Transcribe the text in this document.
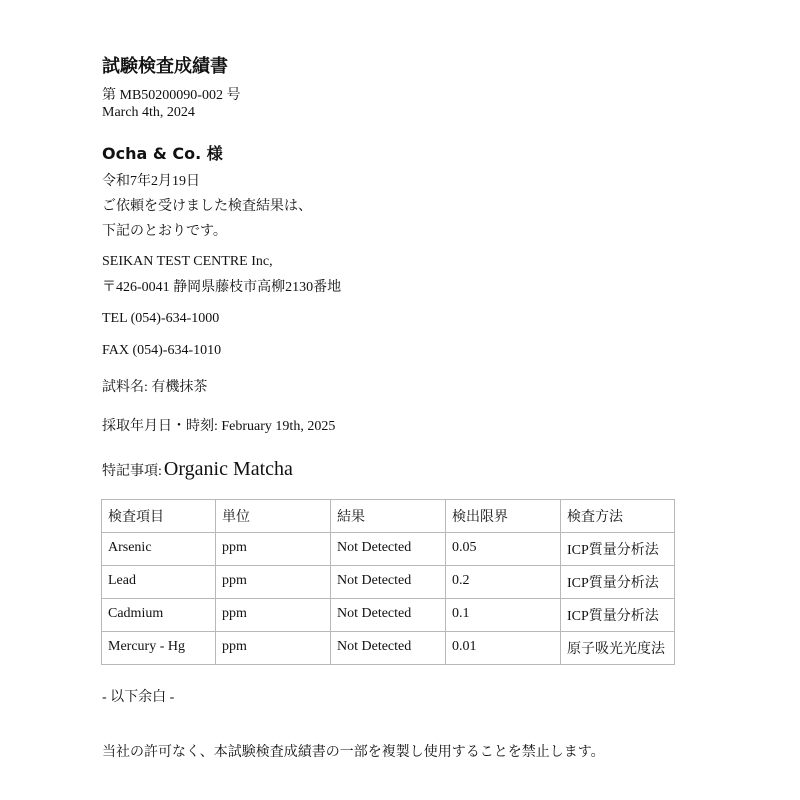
試験検査成績書
第 MB50200090-002 号
March 4th, 2024
Ocha & Co. 様
令和7年2月19日
ご依頼を受けました検査結果は、
下記のとおりです。
SEIKAN TEST CENTRE Inc,
〒426-0041 静岡県藤枝市高柳2130番地
TEL (054)-634-1000
FAX (054)-634-1010
試料名: 有機抹茶
採取年月日・時刻: February 19th, 2025
特記事項: Organic Matcha
検査項目	単位	結果	検出限界	検査方法
Arsenic	ppm	Not Detected	0.05	ICP質量分析法
Lead	ppm	Not Detected	0.2	ICP質量分析法
Cadmium	ppm	Not Detected	0.1	ICP質量分析法
Mercury - Hg	ppm	Not Detected	0.01	原子吸光光度法
- 以下余白 -
当社の許可なく、本試験検査成績書の一部を複製し使用することを禁止します。
